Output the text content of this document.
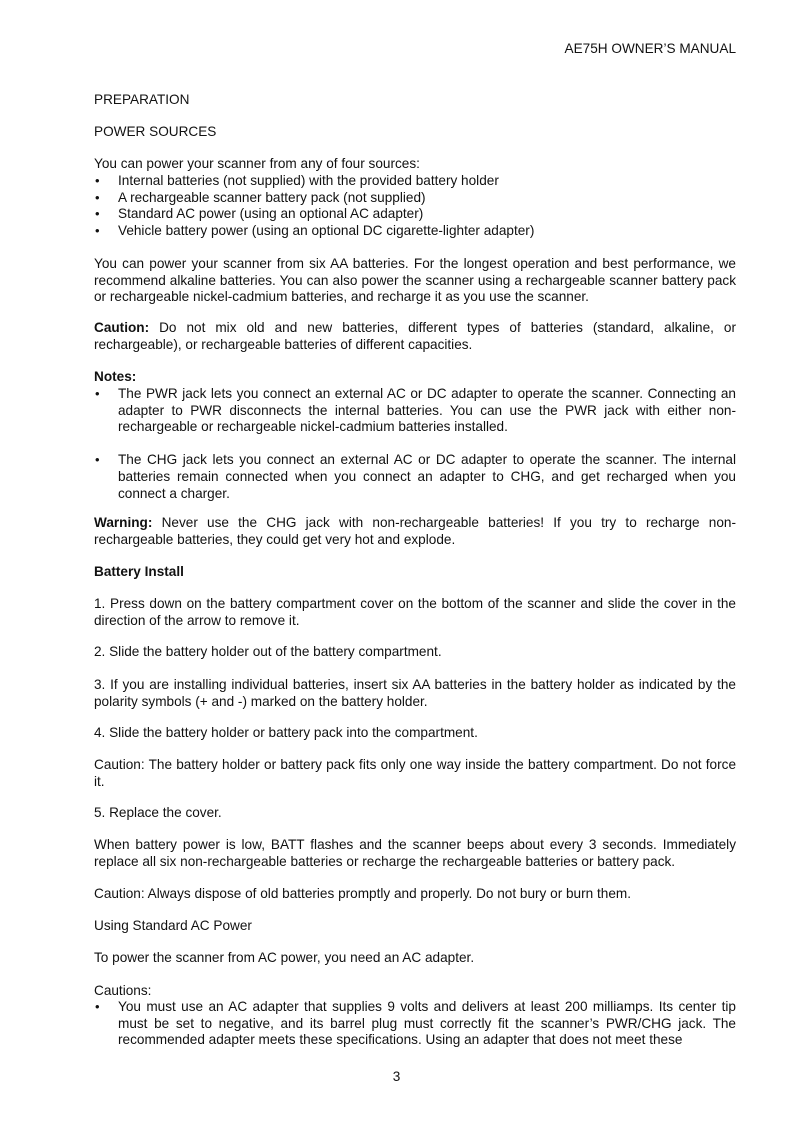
AE75H OWNER’S MANUAL

PREPARATION

POWER SOURCES

You can power your scanner from any of four sources:

• Internal batteries (not supplied) with the provided battery holder
• A rechargeable scanner battery pack (not supplied)
• Standard AC power (using an optional AC adapter)
• Vehicle battery power (using an optional DC cigarette-lighter adapter)

You can power your scanner from six AA batteries. For the longest operation and best performance, we recommend alkaline batteries. You can also power the scanner using a rechargeable scanner battery pack or rechargeable nickel-cadmium batteries, and recharge it as you use the scanner.

Caution: Do not mix old and new batteries, different types of batteries (standard, alkaline, or rechargeable), or rechargeable batteries of different capacities.

Notes:

• The PWR jack lets you connect an external AC or DC adapter to operate the scanner. Connecting an adapter to PWR disconnects the internal batteries. You can use the PWR jack with either non-rechargeable or rechargeable nickel-cadmium batteries installed.
• The CHG jack lets you connect an external AC or DC adapter to operate the scanner. The internal batteries remain connected when you connect an adapter to CHG, and get recharged when you connect a charger.

Warning: Never use the CHG jack with non-rechargeable batteries! If you try to recharge non-rechargeable batteries, they could get very hot and explode.

Battery Install

1. Press down on the battery compartment cover on the bottom of the scanner and slide the cover in the direction of the arrow to remove it.

2. Slide the battery holder out of the battery compartment.

3. If you are installing individual batteries, insert six AA batteries in the battery holder as indicated by the polarity symbols (+ and -) marked on the battery holder.

4. Slide the battery holder or battery pack into the compartment.

Caution: The battery holder or battery pack fits only one way inside the battery compartment. Do not force it.

5. Replace the cover.

When battery power is low, BATT flashes and the scanner beeps about every 3 seconds. Immediately replace all six non-rechargeable batteries or recharge the rechargeable batteries or battery pack.

Caution: Always dispose of old batteries promptly and properly. Do not bury or burn them.

Using Standard AC Power

To power the scanner from AC power, you need an AC adapter.

Cautions:

• You must use an AC adapter that supplies 9 volts and delivers at least 200 milliamps. Its center tip must be set to negative, and its barrel plug must correctly fit the scanner’s PWR/CHG jack. The recommended adapter meets these specifications. Using an adapter that does not meet these
3
